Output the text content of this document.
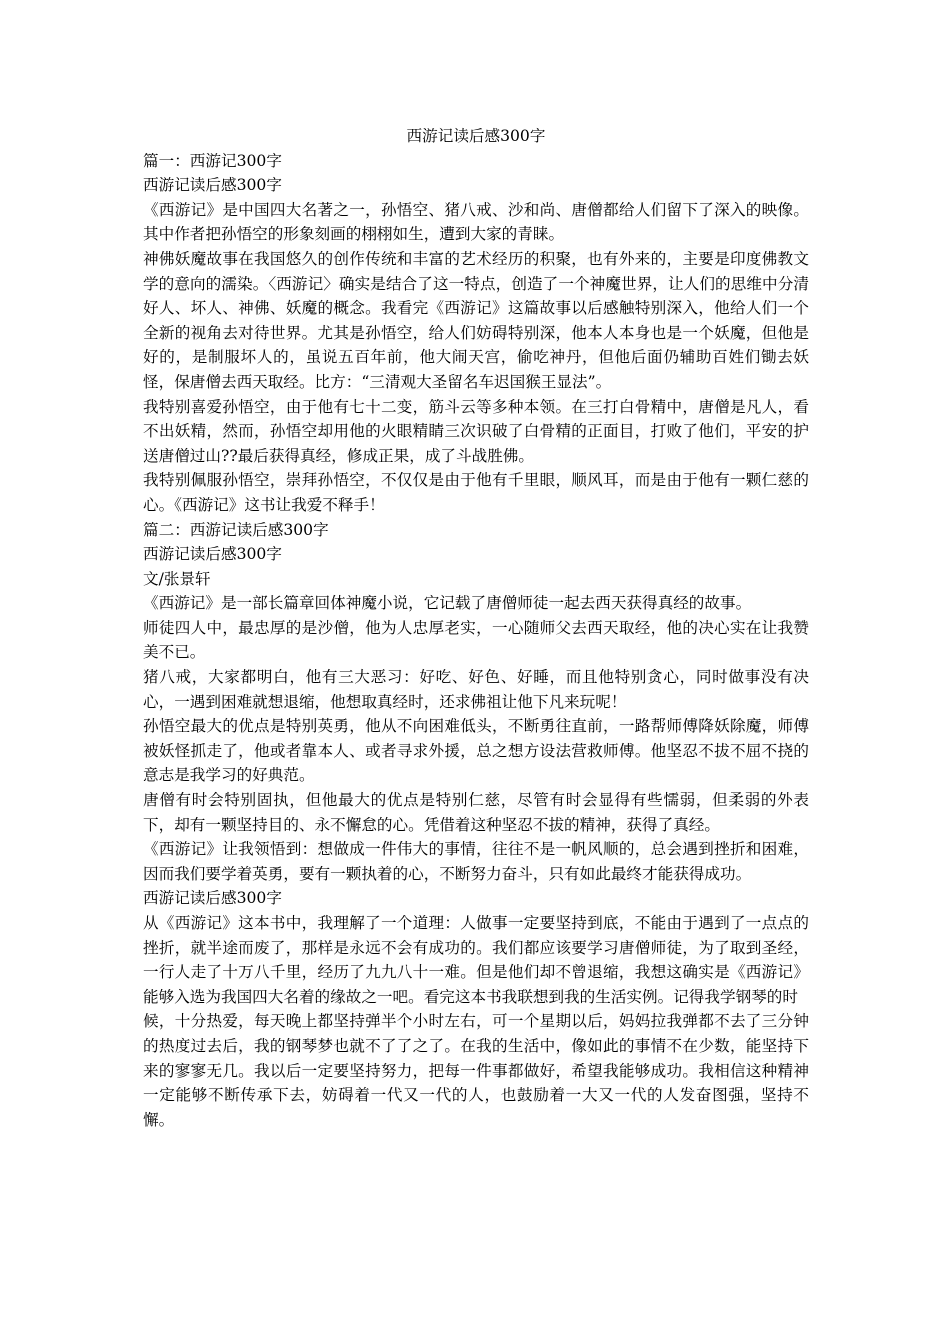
西游记读后感300字

篇一：西游记300字

西游记读后感300字

《西游记》是中国四大名著之一，孙悟空、猪八戒、沙和尚、唐僧都给人们留下了深入的映像。其中作者把孙悟空的形象刻画的栩栩如生，遭到大家的青睐。

神佛妖魔故事在我国悠久的创作传统和丰富的艺术经历的积聚，也有外来的，主要是印度佛教文学的意向的濡染。〈西游记〉确实是结合了这一特点，创造了一个神魔世界，让人们的思维中分清好人、坏人、神佛、妖魔的概念。我看完《西游记》这篇故事以后感触特别深入，他给人们一个全新的视角去对待世界。尤其是孙悟空，给人们妨碍特别深，他本人本身也是一个妖魔，但他是好的，是制服坏人的，虽说五百年前，他大闹天宫，偷吃神丹，但他后面仍辅助百姓们锄去妖怪，保唐僧去西天取经。比方：“三清观大圣留名车迟国猴王显法”。

我特别喜爱孙悟空，由于他有七十二变，筋斗云等多种本领。在三打白骨精中，唐僧是凡人，看不出妖精，然而，孙悟空却用他的火眼精睛三次识破了白骨精的正面目，打败了他们，平安的护送唐僧过山??最后获得真经，修成正果，成了斗战胜佛。

我特别佩服孙悟空，崇拜孙悟空，不仅仅是由于他有千里眼，顺风耳，而是由于他有一颗仁慈的心。《西游记》这书让我爱不释手！

篇二：西游记读后感300字

西游记读后感300字

文/张景轩

《西游记》是一部长篇章回体神魔小说，它记载了唐僧师徒一起去西天获得真经的故事。

师徒四人中，最忠厚的是沙僧，他为人忠厚老实，一心随师父去西天取经，他的决心实在让我赞美不已。

猪八戒，大家都明白，他有三大恶习：好吃、好色、好睡，而且他特别贪心，同时做事没有决心，一遇到困难就想退缩，他想取真经时，还求佛祖让他下凡来玩呢！

孙悟空最大的优点是特别英勇，他从不向困难低头，不断勇往直前，一路帮师傅降妖除魔，师傅被妖怪抓走了，他或者靠本人、或者寻求外援，总之想方设法营救师傅。他坚忍不拔不屈不挠的意志是我学习的好典范。

唐僧有时会特别固执，但他最大的优点是特别仁慈，尽管有时会显得有些懦弱，但柔弱的外表下，却有一颗坚持目的、永不懈怠的心。凭借着这种坚忍不拔的精神，获得了真经。

《西游记》让我领悟到：想做成一件伟大的事情，往往不是一帆风顺的，总会遇到挫折和困难，因而我们要学着英勇，要有一颗执着的心，不断努力奋斗，只有如此最终才能获得成功。

西游记读后感300字

从《西游记》这本书中，我理解了一个道理：人做事一定要坚持到底，不能由于遇到了一点点的挫折，就半途而废了，那样是永远不会有成功的。我们都应该要学习唐僧师徒，为了取到圣经，一行人走了十万八千里，经历了九九八十一难。但是他们却不曾退缩，我想这确实是《西游记》能够入选为我国四大名着的缘故之一吧。看完这本书我联想到我的生活实例。记得我学钢琴的时

候，十分热爱，每天晚上都坚持弹半个小时左右，可一个星期以后，妈妈拉我弹都不去了三分钟的热度过去后，我的钢琴梦也就不了了之了。在我的生活中，像如此的事情不在少数，能坚持下来的寥寥无几。我以后一定要坚持努力，把每一件事都做好，希望我能够成功。我相信这种精神一定能够不断传承下去，妨碍着一代又一代的人，也鼓励着一大又一代的人发奋图强，坚持不懈。
